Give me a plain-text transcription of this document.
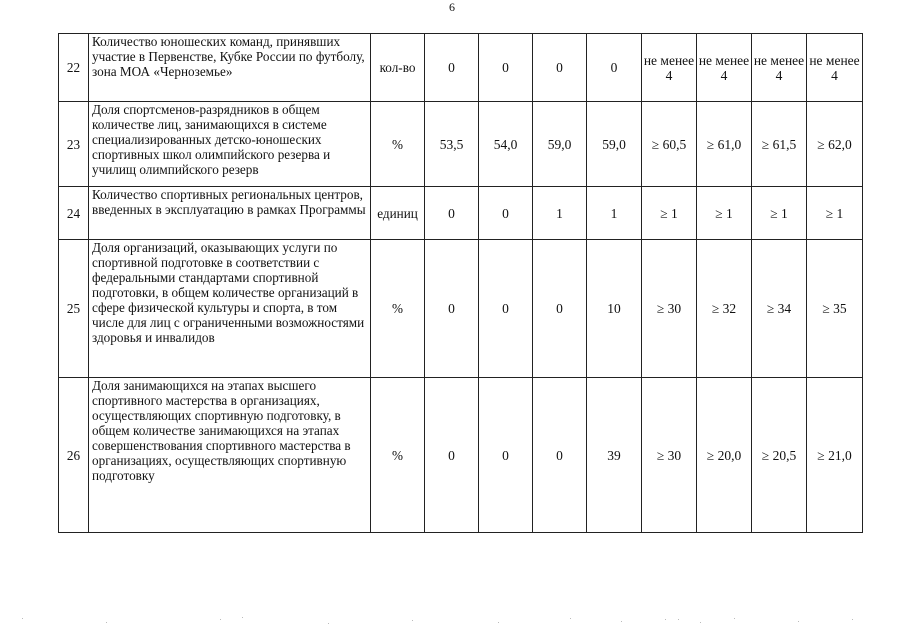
6
22	Количество юношеских команд, принявших участие в Первенстве, Кубке России по футболу, зона МОА «Черноземье»	кол-во	0	0	0	0	не менее 4	не менее 4	не менее 4	не менее 4
23	Доля спортсменов-разрядников в общем количестве лиц, занимающихся в системе специализированных детско-юношеских спортивных школ олимпийского резерва и училищ олимпийского резерв	%	53,5	54,0	59,0	59,0	≥ 60,5	≥ 61,0	≥ 61,5	≥ 62,0
24	Количество спортивных региональных центров, введенных в эксплуатацию в рамках Программы	единиц	0	0	1	1	≥ 1	≥ 1	≥ 1	≥ 1
25	Доля организаций, оказывающих услуги по спортивной подготовке в соответствии с федеральными стандартами спортивной подготовки, в общем количестве организаций в сфере физической культуры и спорта, в том числе для лиц с ограниченными возможностями здоровья и инвалидов	%	0	0	0	10	≥ 30	≥ 32	≥ 34	≥ 35
26	Доля занимающихся на этапах высшего спортивного мастерства в организациях, осуществляющих спортивную подготовку, в общем количестве занимающихся на этапах совершенствования спортивного мастерства в организациях, осуществляющих спортивную подготовку	%	0	0	0	39	≥ 30	≥ 20,0	≥ 20,5	≥ 21,0
